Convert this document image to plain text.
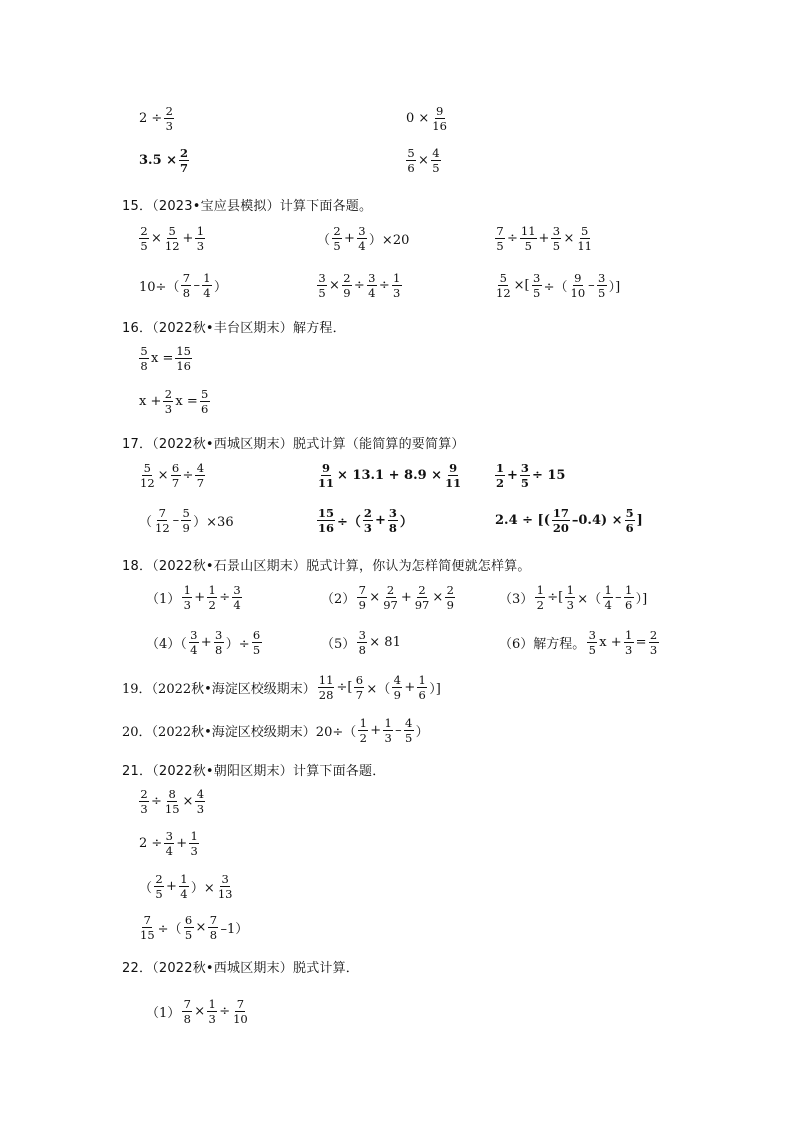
$2 \div \frac{2}{3}$	$0 \times \frac{9}{16}$
$3.5 \times \frac{2}{7}$	$\frac{5}{6} \times \frac{4}{5}$
15．（2023•宝应县模拟）计算下面各题。
$\frac{2}{5} \times \frac{5}{12} + \frac{1}{3}$	（ $\frac{2}{5} + \frac{3}{4} )\times 20$	$\frac{7}{5} \div \frac{11}{5} + \frac{3}{5} \times \frac{5}{11}$
$10\div( \frac{7}{8} - \frac{1}{4}$ ）	$\frac{3}{5} \times \frac{2}{9} \div \frac{3}{4} \div \frac{1}{3}$	$\frac{5}{12}$ ×[ $\frac{3}{5}$ ÷（ $\frac{9}{10} - \frac{3}{5}$ ）]
16．（2022秋•丰台区期末）解方程．
$\frac{5}{8}$ $x = \frac{15}{16}$
$x + \frac{2}{3}$ $x = \frac{5}{6}$
17．（2022秋•西城区期末）脱式计算（能简算的要简算）
$\frac{5}{12} \times \frac{6}{7} \div \frac{4}{7}$	$\frac{9}{11} \times 13.1 + 8.9 \times \frac{9}{11}$	$\frac{1}{2} + \frac{3}{5} \div 15$
（ $\frac{7}{12} - \frac{5}{9} )\times 36$	$\frac{15}{16}$ ÷（ $\frac{2}{3} + \frac{3}{8}$ ）	2.4 ÷ [( $\frac{17}{20} -0.4) \times \frac{5}{6}$ ]
18．（2022秋•石景山区期末）脱式计算，你认为怎样简便就怎样算。
$(1) \frac{1}{3} + \frac{1}{2} \div \frac{3}{4}$	$(2) \frac{7}{9} \times \frac{2}{97} + \frac{2}{97} \times \frac{2}{9}$	$(3) \frac{1}{2}$ ÷[ $\frac{1}{3}$ ×（ $\frac{1}{4} - \frac{1}{6}$ ）]
$(4)( \frac{3}{4} + \frac{3}{8}$ ）÷ $\frac{6}{5}$	$(5) \frac{3}{8} \times 81$	（6）解方程。 $\frac{3}{5}$ $x + \frac{1}{3} = \frac{2}{3}$
19．（2022秋•海淀区校级期末） $\frac{11}{28}$ ÷[ $\frac{6}{7}$ ×（ $\frac{4}{9} + \frac{1}{6}$ ）]
20．（2022秋•海淀区校级期末）$20\div( \frac{1}{2} + \frac{1}{3} - \frac{4}{5}$ ）
21．（2022秋•朝阳区期末）计算下面各题．
$\frac{2}{3} \div \frac{8}{15} \times \frac{4}{3}$
$2 \div \frac{3}{4} + \frac{1}{3}$
（ $\frac{2}{5} + \frac{1}{4}$ ）× $\frac{3}{13}$
$\frac{7}{15}$ ÷（ $\frac{6}{5} \times \frac{7}{8} -1$）
22．（2022秋•西城区期末）脱式计算．
$(1) \frac{7}{8} \times \frac{1}{3} \div \frac{7}{10}$
